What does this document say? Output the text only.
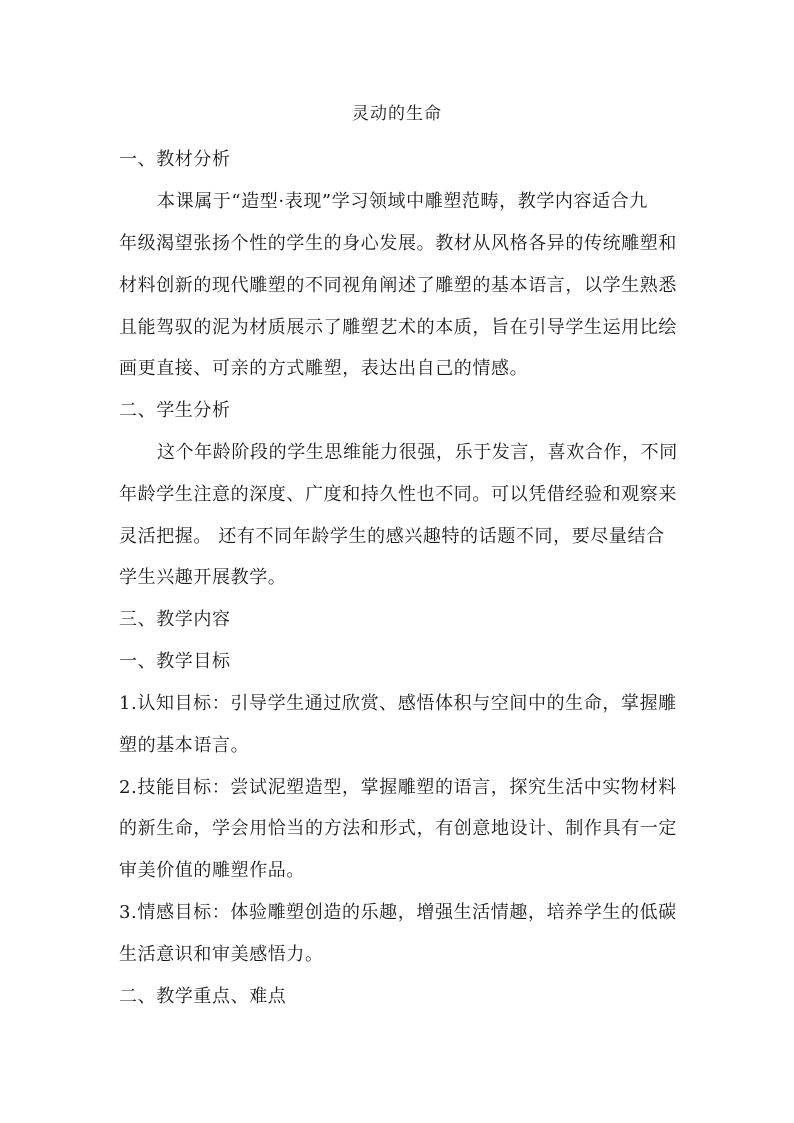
灵动的生命
一、教材分析
本课属于“造型·表现”学习领域中雕塑范畴，教学内容适合九
年级渴望张扬个性的学生的身心发展。教材从风格各异的传统雕塑和
材料创新的现代雕塑的不同视角阐述了雕塑的基本语言，以学生熟悉
且能驾驭的泥为材质展示了雕塑艺术的本质，旨在引导学生运用比绘
画更直接、可亲的方式雕塑，表达出自己的情感。
二、学生分析
这个年龄阶段的学生思维能力很强，乐于发言，喜欢合作，不同
年龄学生注意的深度、广度和持久性也不同。可以凭借经验和观察来
灵活把握。 还有不同年龄学生的感兴趣特的话题不同，要尽量结合
学生兴趣开展教学。
三、教学内容
一、教学目标
1.认知目标：引导学生通过欣赏、感悟体积与空间中的生命，掌握雕
塑的基本语言。
2.技能目标：尝试泥塑造型，掌握雕塑的语言，探究生活中实物材料
的新生命，学会用恰当的方法和形式，有创意地设计、制作具有一定
审美价值的雕塑作品。
3.情感目标：体验雕塑创造的乐趣，增强生活情趣，培养学生的低碳
生活意识和审美感悟力。
二、教学重点、难点
